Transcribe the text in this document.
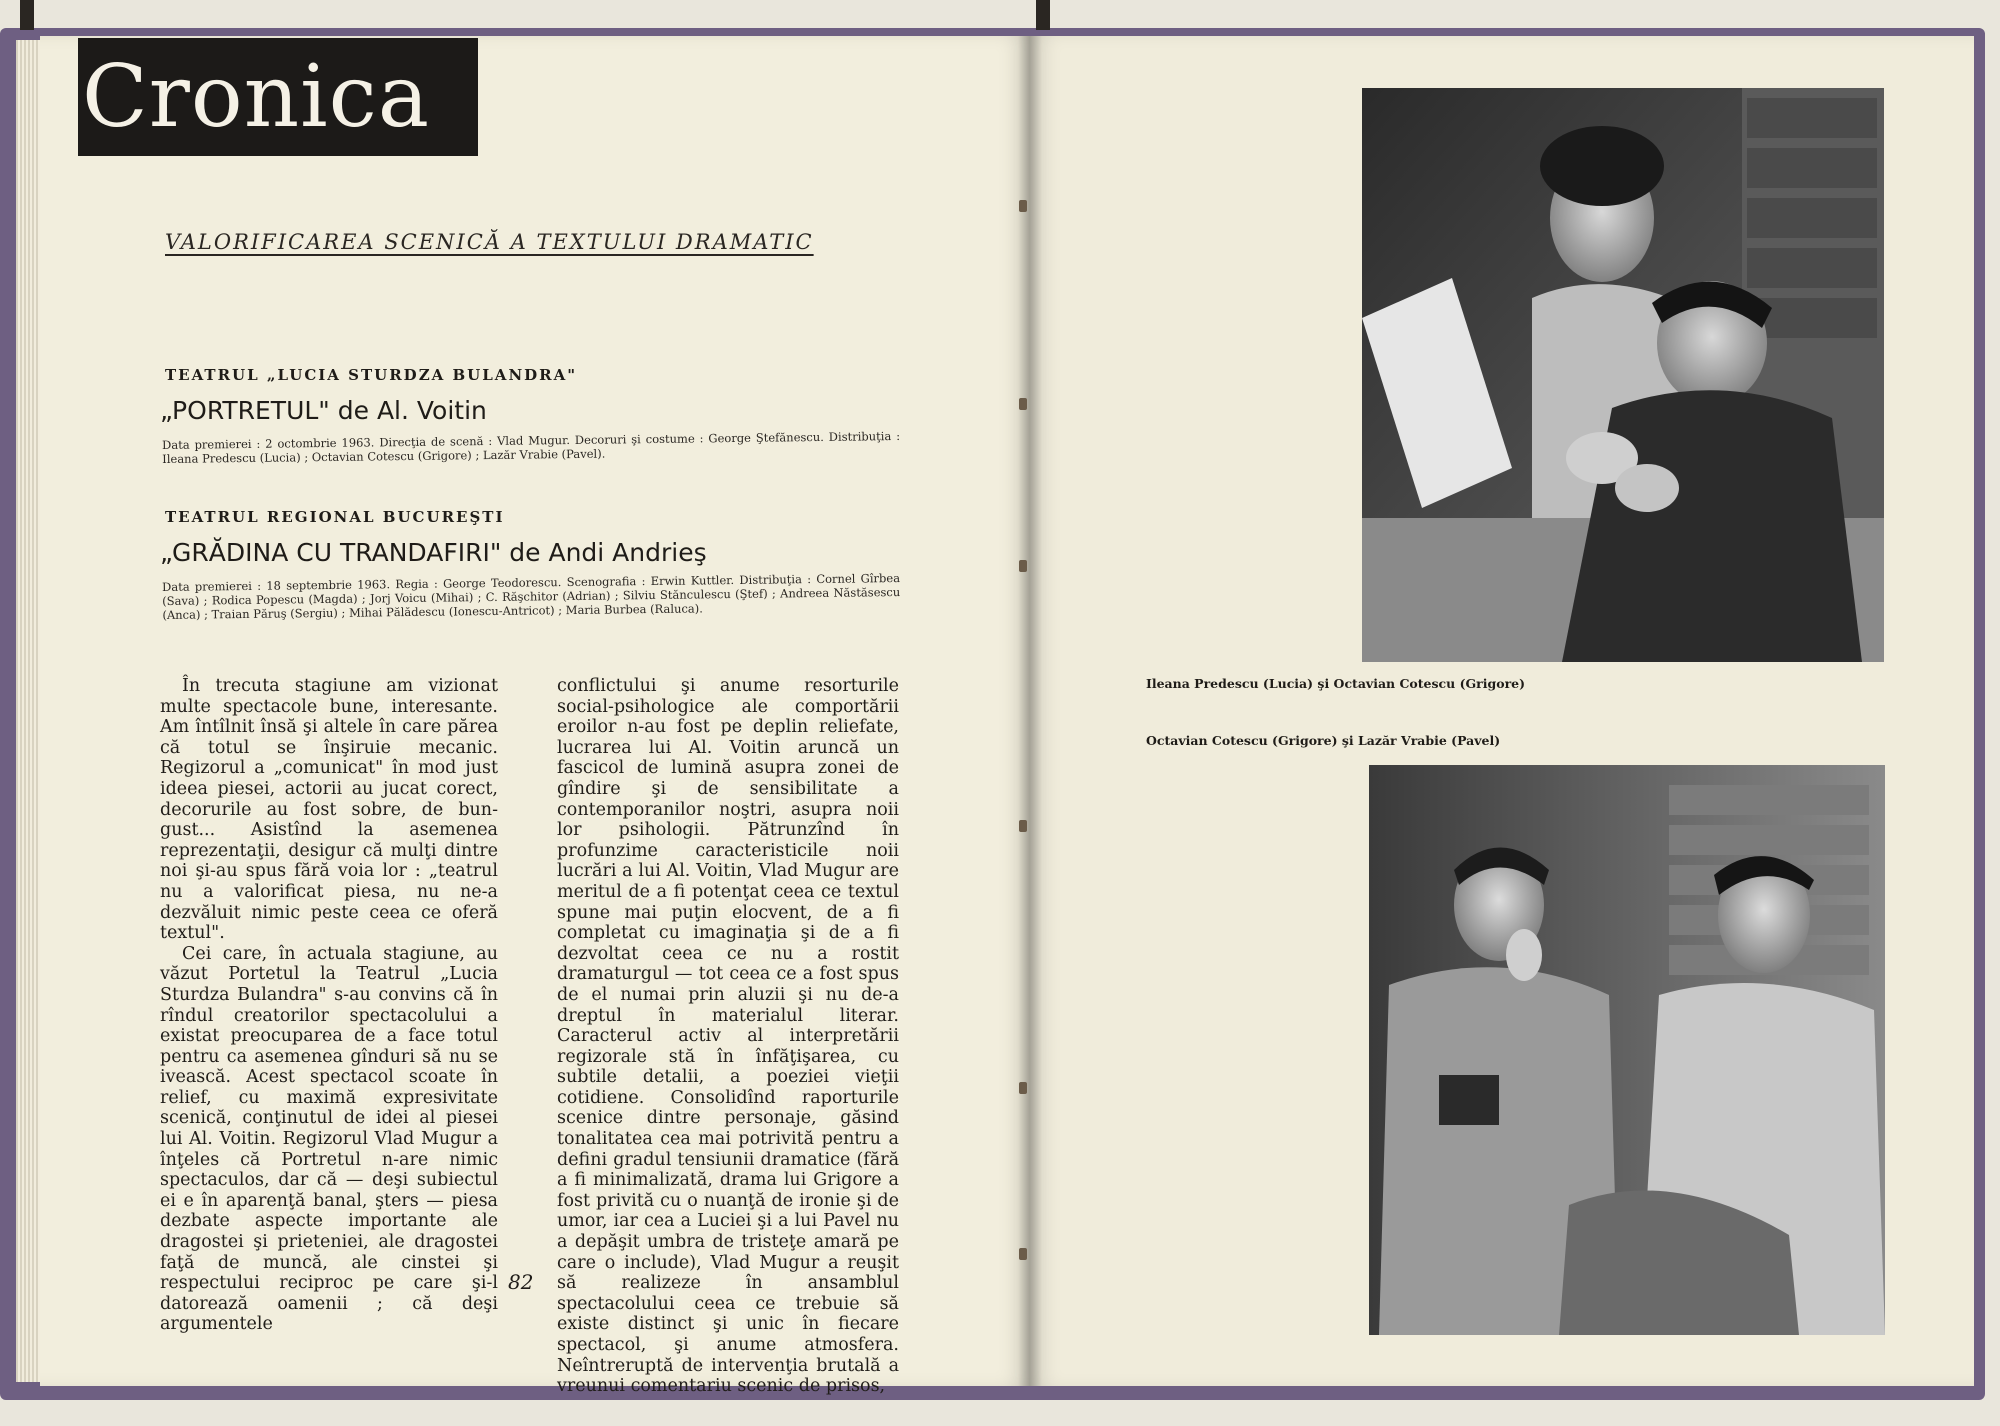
Cronica
VALORIFICAREA SCENICĂ A TEXTULUI DRAMATIC
TEATRUL „LUCIA STURDZA BULANDRA"
„PORTRETUL" de Al. Voitin
Data premierei : 2 octombrie 1963. Direcţia de scenă : Vlad Mugur. Decoruri şi costume : George Ştefănescu. Distribuţia : Ileana Predescu (Lucia) ; Octavian Cotescu (Grigore) ; Lazăr Vrabie (Pavel).
TEATRUL REGIONAL BUCUREŞTI
„GRĂDINA CU TRANDAFIRI" de Andi Andrieş
Data premierei : 18 septembrie 1963. Regia : George Teodorescu. Scenografia : Erwin Kuttler. Distribuţia : Cornel Gîrbea (Sava) ; Rodica Popescu (Magda) ; Jorj Voicu (Mihai) ; C. Răşchitor (Adrian) ; Silviu Stănculescu (Ştef) ; Andreea Năstăsescu (Anca) ; Traian Păruş (Sergiu) ; Mihai Pălădescu (Ionescu-Antricot) ; Maria Burbea (Raluca).

În trecuta stagiune am vizionat multe spectacole bune, interesante. Am întîlnit însă şi altele în care părea că totul se înşiruie mecanic. Regizorul a „comunicat" în mod just ideea piesei, actorii au jucat corect, decorurile au fost sobre, de bun-gust... Asistînd la asemenea reprezentaţii, desigur că mulţi dintre noi şi-au spus fără voia lor : „teatrul nu a valorificat piesa, nu ne-a dezvăluit nimic peste ceea ce oferă textul".

Cei care, în actuala stagiune, au văzut Portetul la Teatrul „Lucia Sturdza Bulandra" s-au convins că în rîndul creatorilor spectacolului a existat preocuparea de a face totul pentru ca asemenea gînduri să nu se ivească. Acest spectacol scoate în relief, cu maximă expresivitate scenică, conţinutul de idei al piesei lui Al. Voitin. Regizorul Vlad Mugur a înţeles că Portretul n-are nimic spectaculos, dar că — deşi subiectul ei e în aparenţă banal, şters — piesa dezbate aspecte importante ale dragostei şi prieteniei, ale dragostei faţă de muncă, ale cinstei şi respectului reciproc pe care şi-l datorează oamenii ; că deşi argumentele

conflictului şi anume resorturile social-psihologice ale comportării eroilor n-au fost pe deplin reliefate, lucrarea lui Al. Voitin aruncă un fascicol de lumină asupra zonei de gîndire şi de sensibilitate a contemporanilor noştri, asupra noii lor psihologii. Pătrunzînd în profunzime caracteristicile noii lucrări a lui Al. Voitin, Vlad Mugur are meritul de a fi potenţat ceea ce textul spune mai puţin elocvent, de a fi completat cu imaginaţia şi de a fi dezvoltat ceea ce nu a rostit dramaturgul — tot ceea ce a fost spus de el numai prin aluzii şi nu de-a dreptul în materialul literar. Caracterul activ al interpretării regizorale stă în înfăţişarea, cu subtile detalii, a poeziei vieţii cotidiene. Consolidînd raporturile scenice dintre personaje, găsind tonalitatea cea mai potrivită pentru a defini gradul tensiunii dramatice (fără a fi minimalizată, drama lui Grigore a fost privită cu o nuanţă de ironie şi de umor, iar cea a Luciei şi a lui Pavel nu a depăşit umbra de tristeţe amară pe care o include), Vlad Mugur a reuşit să realizeze în ansamblul spectacolului ceea ce trebuie să existe distinct şi unic în fiecare spectacol, şi anume atmosfera. Neîntreruptă de intervenţia brutală a vreunui comentariu scenic de prisos,

82
Ileana Predescu (Lucia) şi Octavian Cotescu (Grigore)
Octavian Cotescu (Grigore) şi Lazăr Vrabie (Pavel)
